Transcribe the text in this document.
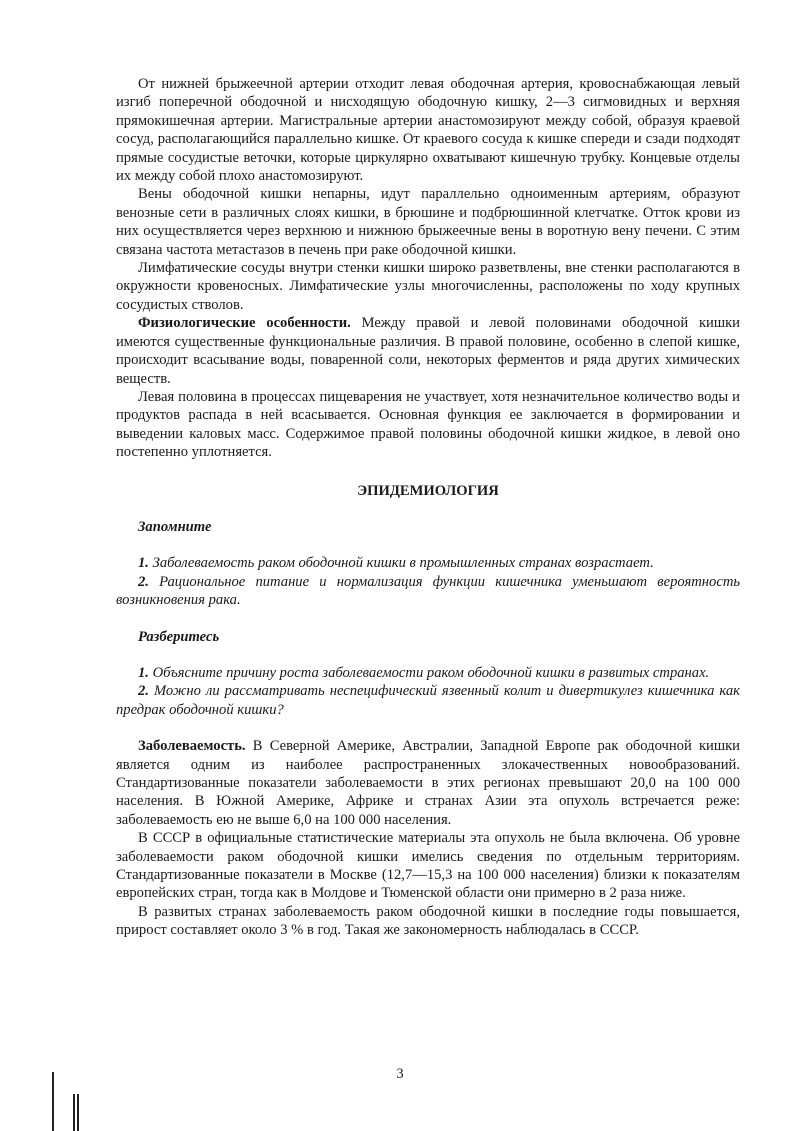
От нижней брыжеечной артерии отходит левая ободочная артерия, кровоснабжающая левый изгиб поперечной ободочной и нисходящую ободочную кишку, 2—3 сигмовидных и верхняя прямокишечная артерии. Магистральные артерии анастомозируют между собой, образуя краевой сосуд, располагающийся параллельно кишке. От краевого сосуда к кишке спереди и сзади подходят прямые сосудистые веточки, которые циркулярно охватывают кишечную трубку. Концевые отделы их между собой плохо анастомозируют.

Вены ободочной кишки непарны, идут параллельно одноименным артериям, образуют венозные сети в различных слоях кишки, в брюшине и подбрюшинной клетчатке. Отток крови из них осуществляется через верхнюю и нижнюю брыжеечные вены в воротную вену печени. С этим связана частота метастазов в печень при раке ободочной кишки.

Лимфатические сосуды внутри стенки кишки широко разветвлены, вне стенки располагаются в окружности кровеносных. Лимфатические узлы многочисленны, расположены по ходу крупных сосудистых стволов.

Физиологические особенности. Между правой и левой половинами ободочной кишки имеются существенные функциональные различия. В правой половине, особенно в слепой кишке, происходит всасывание воды, поваренной соли, некоторых ферментов и ряда других химических веществ.

Левая половина в процессах пищеварения не участвует, хотя незначительное количество воды и продуктов распада в ней всасывается. Основная функция ее заключается в формировании и выведении каловых масс. Содержимое правой половины ободочной кишки жидкое, в левой оно постепенно уплотняется.

ЭПИДЕМИОЛОГИЯ

Запомните

1. Заболеваемость раком ободочной кишки в промышленных странах возрастает.

2. Рациональное питание и нормализация функции кишечника уменьшают вероятность возникновения рака.

Разберитесь

1. Объясните причину роста заболеваемости раком ободочной кишки в развитых странах.

2. Можно ли рассматривать неспецифический язвенный колит и дивертикулез кишечника как предрак ободочной кишки?

Заболеваемость. В Северной Америке, Австралии, Западной Европе рак ободочной кишки является одним из наиболее распространенных злокачественных новообразований. Стандартизованные показатели заболеваемости в этих регионах превышают 20,0 на 100 000 населения. В Южной Америке, Африке и странах Азии эта опухоль встречается реже: заболеваемость ею не выше 6,0 на 100 000 населения.

В СССР в официальные статистические материалы эта опухоль не была включена. Об уровне заболеваемости раком ободочной кишки имелись сведения по отдельным территориям. Стандартизованные показатели в Москве (12,7—15,3 на 100 000 населения) близки к показателям европейских стран, тогда как в Молдове и Тюменской области они примерно в 2 раза ниже.

В развитых странах заболеваемость раком ободочной кишки в последние годы повышается, прирост составляет около 3 % в год. Такая же закономерность наблюдалась в СССР.

3
